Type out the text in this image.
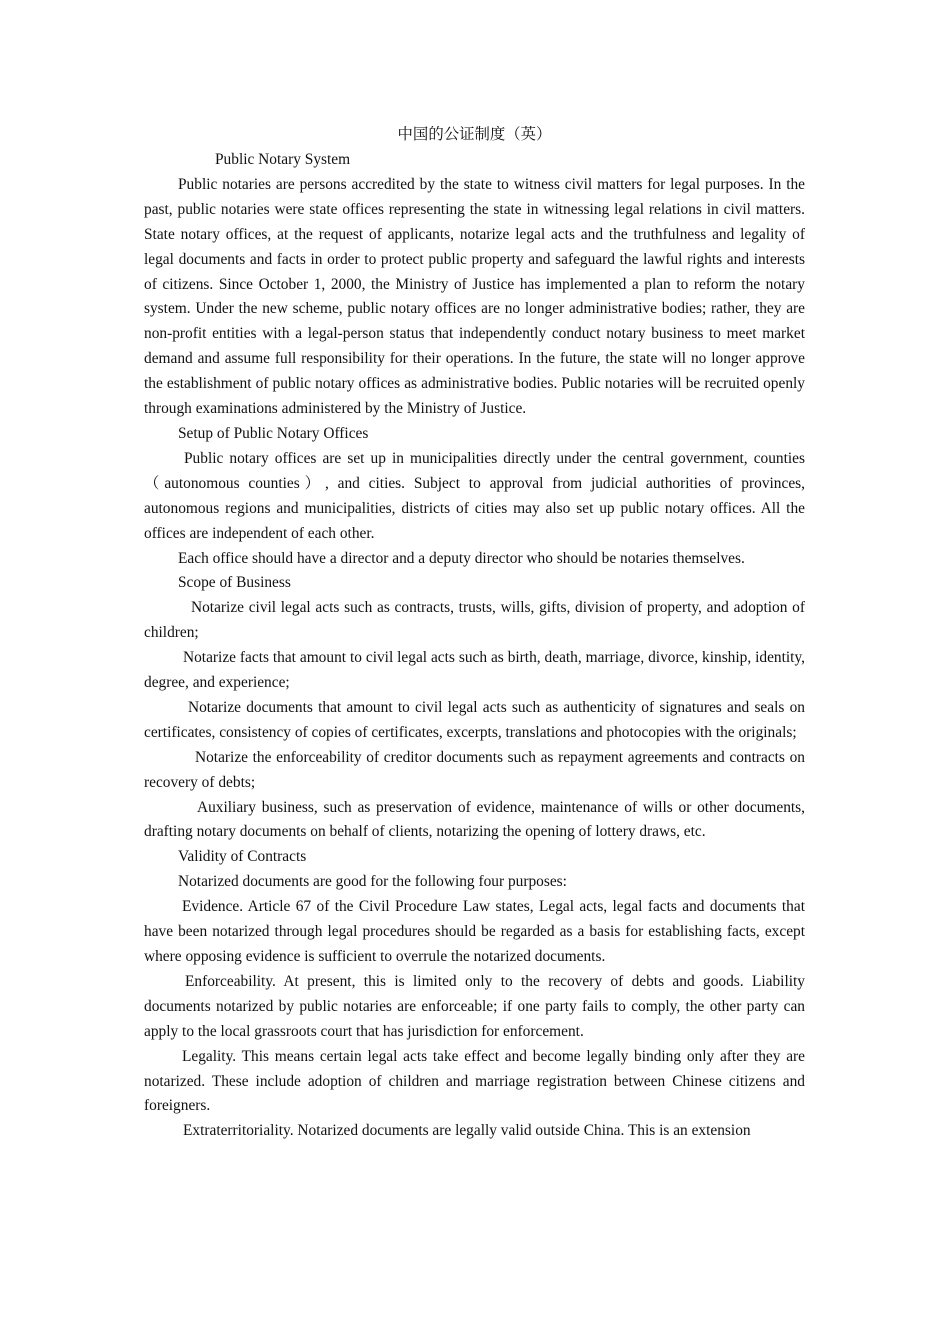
中国的公证制度（英）

Public Notary System

Public notaries are persons accredited by the state to witness civil matters for legal purposes. In the past, public notaries were state offices representing the state in witnessing legal relations in civil matters. State notary offices, at the request of applicants, notarize legal acts and the truthfulness and legality of legal documents and facts in order to protect public property and safeguard the lawful rights and interests of citizens. Since October 1, 2000, the Ministry of Justice has implemented a plan to reform the notary system. Under the new scheme, public notary offices are no longer administrative bodies; rather, they are non-profit entities with a legal-person status that independently conduct notary business to meet market demand and assume full responsibility for their operations. In the future, the state will no longer approve the establishment of public notary offices as administrative bodies. Public notaries will be recruited openly through examinations administered by the Ministry of Justice.

Setup of Public Notary Offices

Public notary offices are set up in municipalities directly under the central government, counties （autonomous counties）, and cities. Subject to approval from judicial authorities of provinces, autonomous regions and municipalities, districts of cities may also set up public notary offices. All the offices are independent of each other.

Each office should have a director and a deputy director who should be notaries themselves.

Scope of Business

Notarize civil legal acts such as contracts, trusts, wills, gifts, division of property, and adoption of children;

Notarize facts that amount to civil legal acts such as birth, death, marriage, divorce, kinship, identity, degree, and experience;

Notarize documents that amount to civil legal acts such as authenticity of signatures and seals on certificates, consistency of copies of certificates, excerpts, translations and photocopies with the originals;

Notarize the enforceability of creditor documents such as repayment agreements and contracts on recovery of debts;

Auxiliary business, such as preservation of evidence, maintenance of wills or other documents, drafting notary documents on behalf of clients, notarizing the opening of lottery draws, etc.

Validity of Contracts

Notarized documents are good for the following four purposes:

Evidence. Article 67 of the Civil Procedure Law states, Legal acts, legal facts and documents that have been notarized through legal procedures should be regarded as a basis for establishing facts, except where opposing evidence is sufficient to overrule the notarized documents.

Enforceability. At present, this is limited only to the recovery of debts and goods. Liability documents notarized by public notaries are enforceable; if one party fails to comply, the other party can apply to the local grassroots court that has jurisdiction for enforcement.

Legality. This means certain legal acts take effect and become legally binding only after they are notarized. These include adoption of children and marriage registration between Chinese citizens and foreigners.

Extraterritoriality. Notarized documents are legally valid outside China. This is an extension
